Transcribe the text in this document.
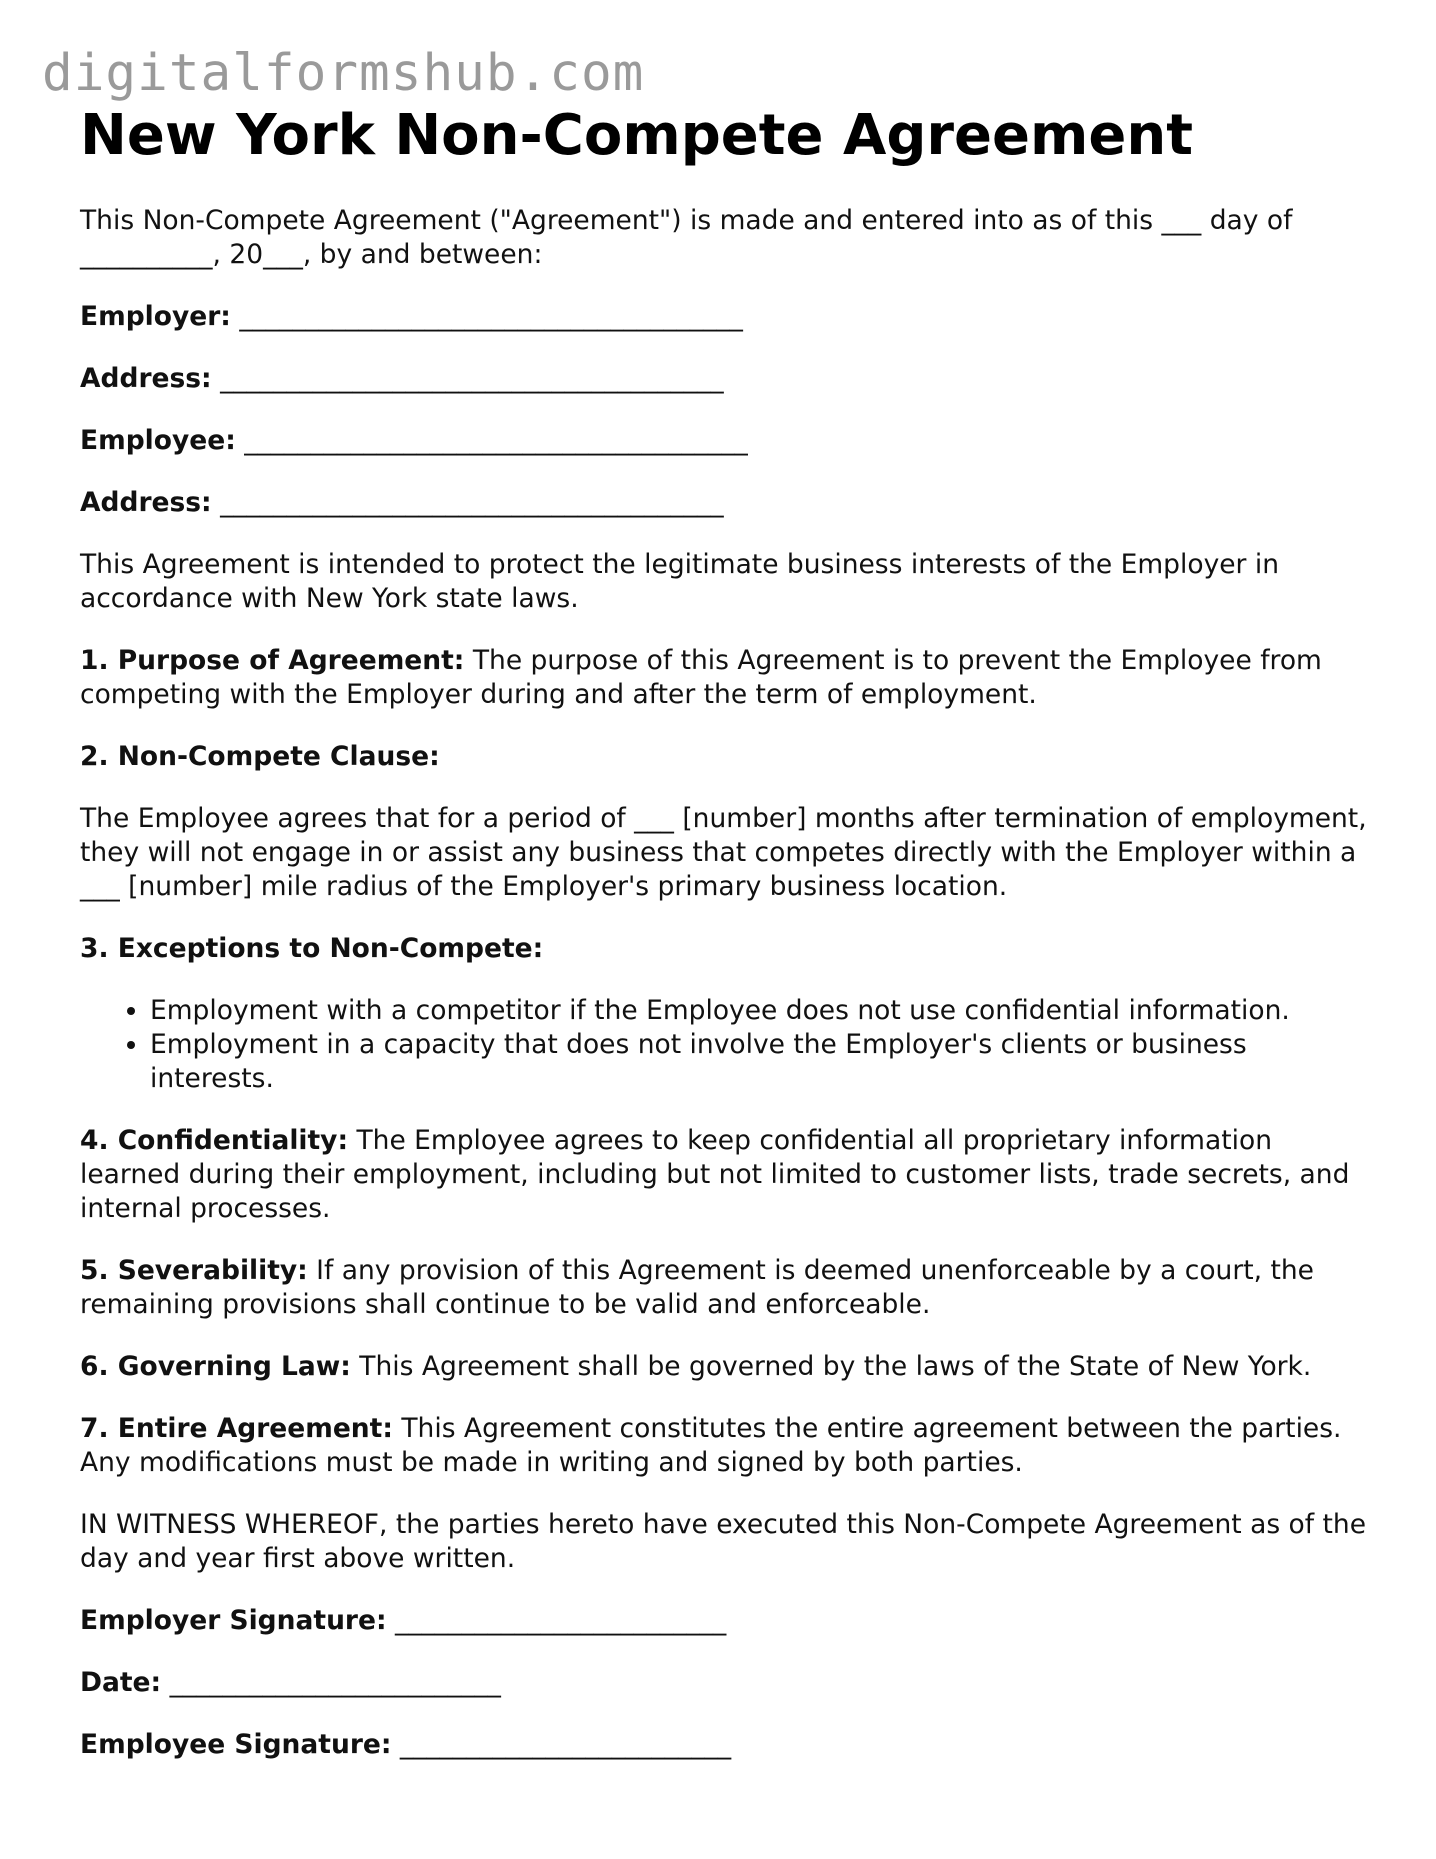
digitalformshub.com
New York Non-Compete Agreement

This Non-Compete Agreement ("Agreement") is made and entered into as of this ___ day of __________, 20___, by and between:

Employer: ______________________________________

Address: ______________________________________

Employee: ______________________________________

Address: ______________________________________

This Agreement is intended to protect the legitimate business interests of the Employer in accordance with New York state laws.

1. Purpose of Agreement: The purpose of this Agreement is to prevent the Employee from competing with the Employer during and after the term of employment.

2. Non-Compete Clause:

The Employee agrees that for a period of ___ [number] months after termination of employment, they will not engage in or assist any business that competes directly with the Employer within a ___ [number] mile radius of the Employer's primary business location.

3. Exceptions to Non-Compete:

• Employment with a competitor if the Employee does not use confidential information.
• Employment in a capacity that does not involve the Employer's clients or business interests.

4. Confidentiality: The Employee agrees to keep confidential all proprietary information learned during their employment, including but not limited to customer lists, trade secrets, and internal processes.

5. Severability: If any provision of this Agreement is deemed unenforceable by a court, the remaining provisions shall continue to be valid and enforceable.

6. Governing Law: This Agreement shall be governed by the laws of the State of New York.

7. Entire Agreement: This Agreement constitutes the entire agreement between the parties. Any modifications must be made in writing and signed by both parties.

IN WITNESS WHEREOF, the parties hereto have executed this Non-Compete Agreement as of the day and year first above written.

Employer Signature: _________________________

Date: _________________________

Employee Signature: _________________________
